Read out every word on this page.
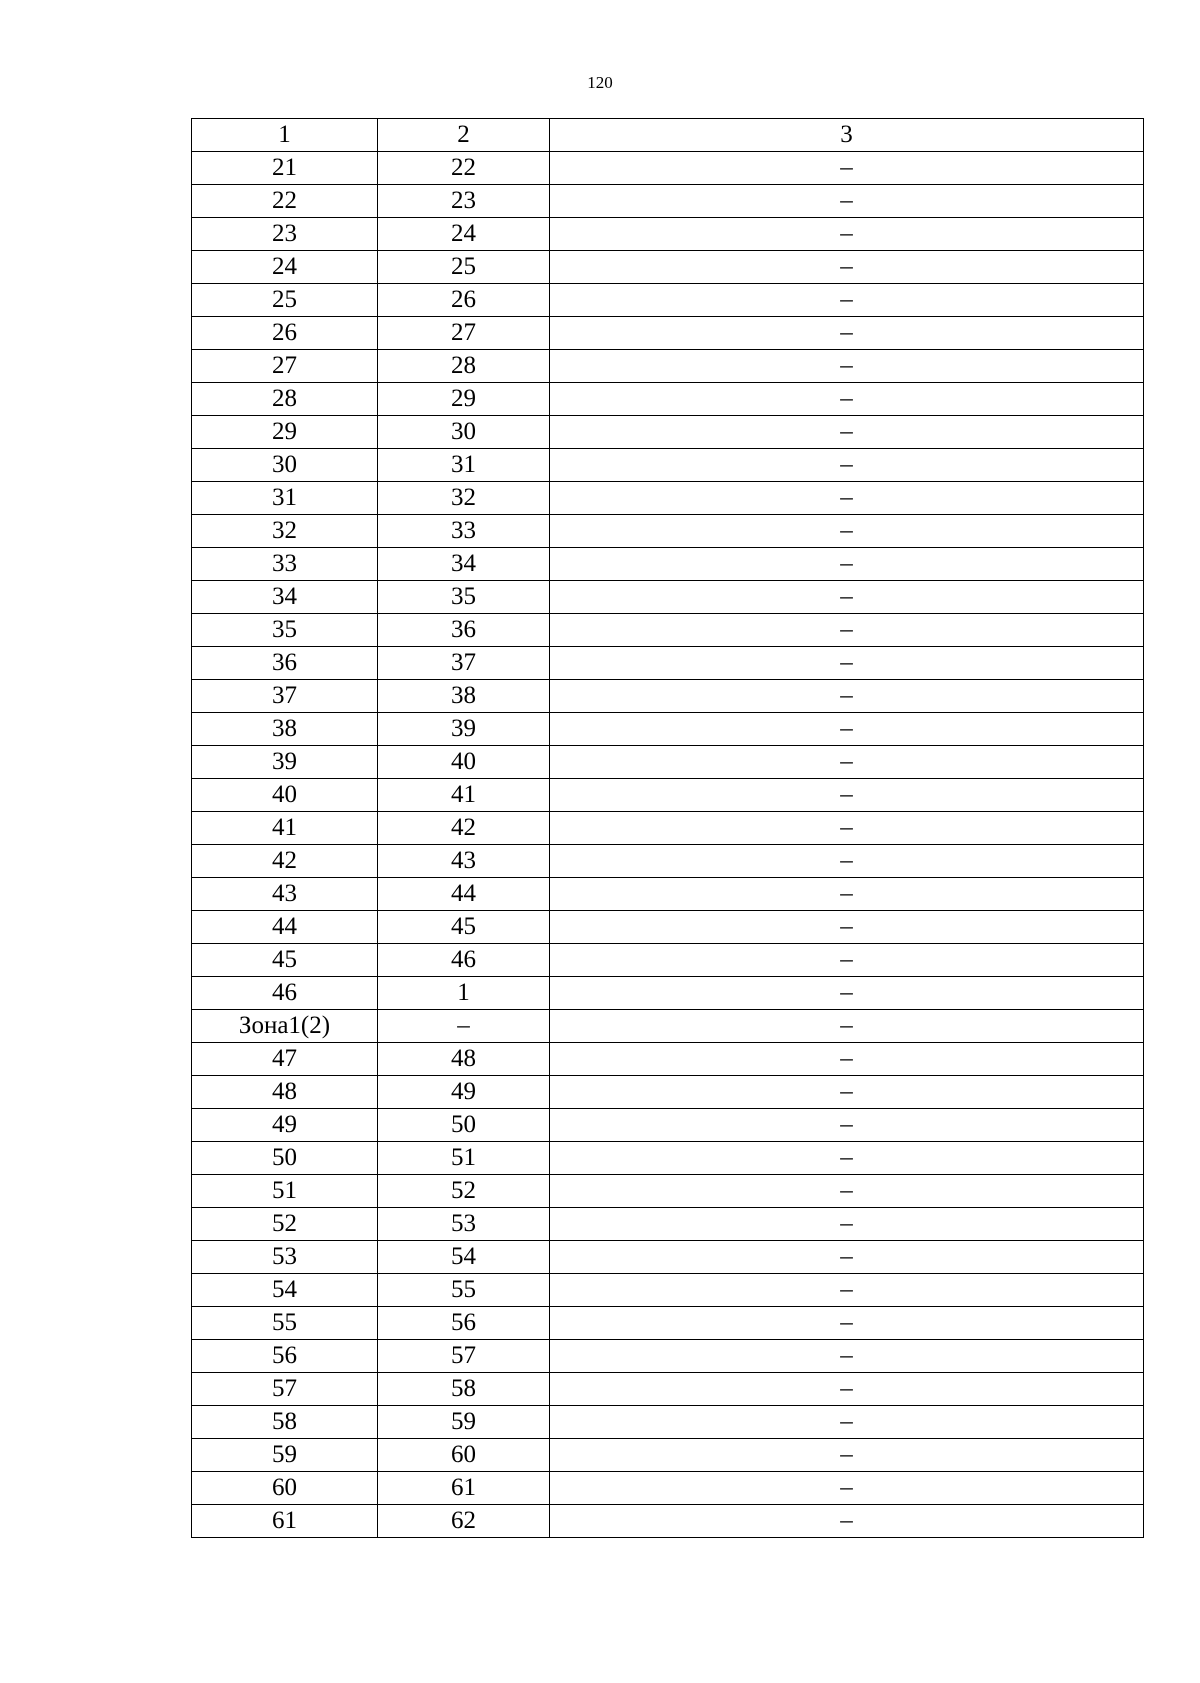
120
1	2	3
21	22	–
22	23	–
23	24	–
24	25	–
25	26	–
26	27	–
27	28	–
28	29	–
29	30	–
30	31	–
31	32	–
32	33	–
33	34	–
34	35	–
35	36	–
36	37	–
37	38	–
38	39	–
39	40	–
40	41	–
41	42	–
42	43	–
43	44	–
44	45	–
45	46	–
46	1	–
Зона1(2)	–	–
47	48	–
48	49	–
49	50	–
50	51	–
51	52	–
52	53	–
53	54	–
54	55	–
55	56	–
56	57	–
57	58	–
58	59	–
59	60	–
60	61	–
61	62	–
